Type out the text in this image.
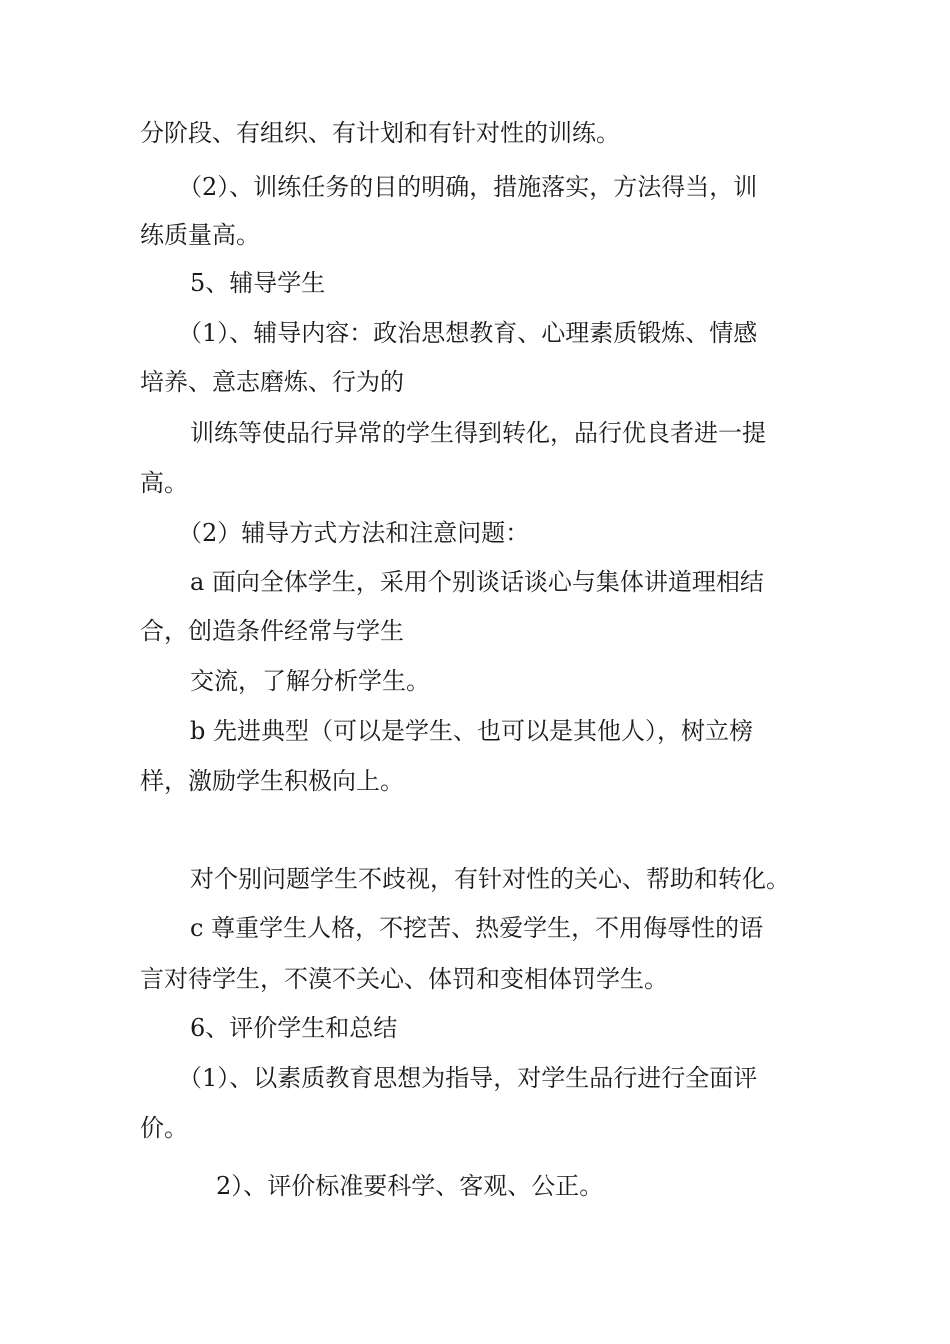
分阶段、有组织、有计划和有针对性的训练。

（2）、训练任务的目的明确，措施落实，方法得当，训

练质量高。

5、辅导学生

（1）、辅导内容：政治思想教育、心理素质锻炼、情感

培养、意志磨炼、行为的

训练等使品行异常的学生得到转化，品行优良者进一提

高。

（2）辅导方式方法和注意问题：

a 面向全体学生，采用个别谈话谈心与集体讲道理相结

合，创造条件经常与学生

交流，了解分析学生。

b 先进典型（可以是学生、也可以是其他人），树立榜

样，激励学生积极向上。

对个别问题学生不歧视，有针对性的关心、帮助和转化。

c 尊重学生人格，不挖苦、热爱学生，不用侮辱性的语

言对待学生，不漠不关心、体罚和变相体罚学生。

6、评价学生和总结

（1）、以素质教育思想为指导，对学生品行进行全面评

价。

2）、评价标准要科学、客观、公正。
